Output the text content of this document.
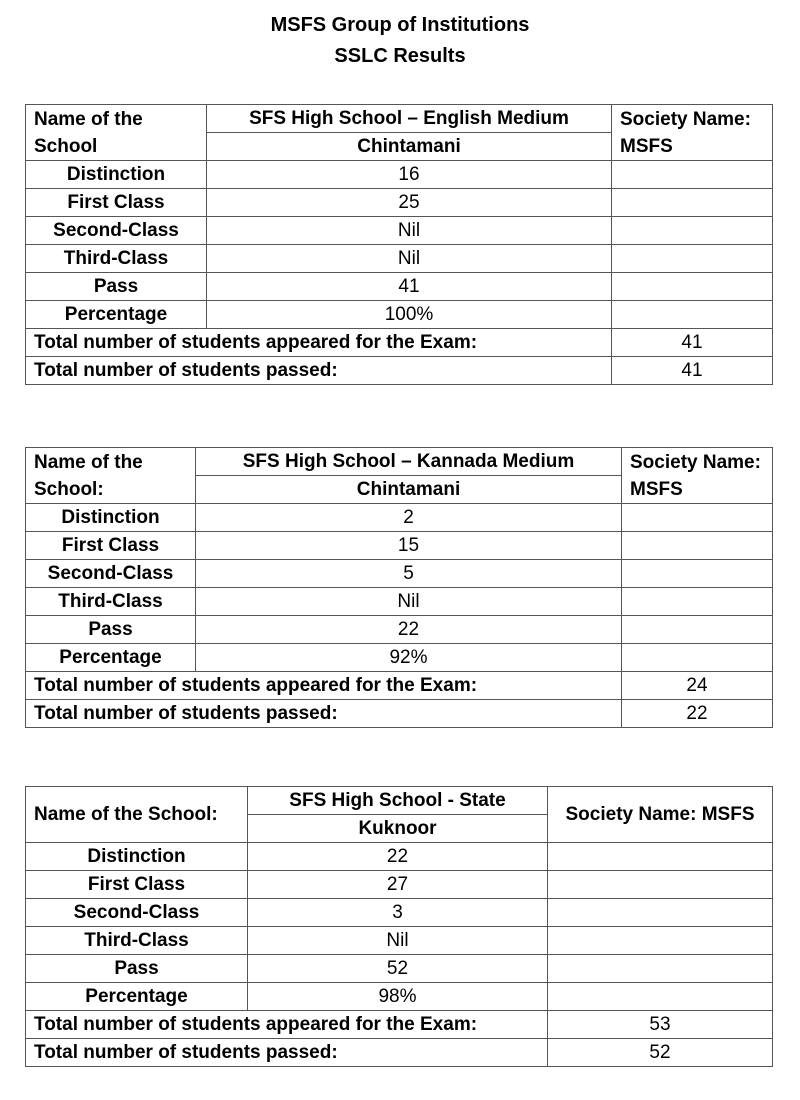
MSFS Group of Institutions
SSLC Results
Name of the School	SFS High School – English Medium	Society Name: MSFS
	Chintamani	
Distinction	16	
First Class	25	
Second-Class	Nil	
Third-Class	Nil	
Pass	41	
Percentage	100%	
Total number of students appeared for the Exam:		41
Total number of students passed:		41
Name of the School:	SFS High School – Kannada Medium	Society Name: MSFS
	Chintamani	
Distinction	2	
First Class	15	
Second-Class	5	
Third-Class	Nil	
Pass	22	
Percentage	92%	
Total number of students appeared for the Exam:		24
Total number of students passed:		22
Name of the School:	SFS High School - State	Society Name: MSFS
	Kuknoor	
Distinction	22	
First Class	27	
Second-Class	3	
Third-Class	Nil	
Pass	52	
Percentage	98%	
Total number of students appeared for the Exam:		53
Total number of students passed:		52
